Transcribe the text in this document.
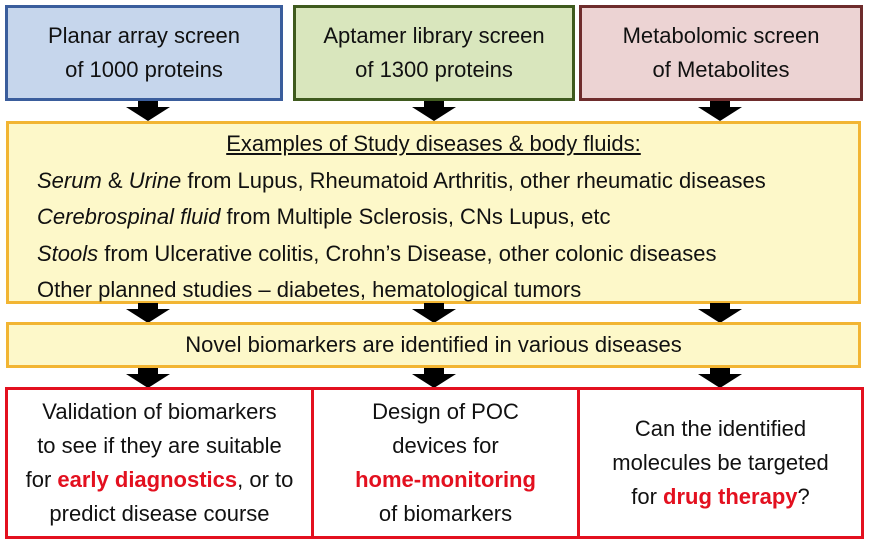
Planar array screen
of 1000 proteins
Aptamer library screen
of 1300 proteins
Metabolomic screen
of Metabolites
Examples of Study diseases & body fluids:
Serum & Urine from Lupus, Rheumatoid Arthritis, other rheumatic diseases
Cerebrospinal fluid from Multiple Sclerosis, CNs Lupus, etc
Stools from Ulcerative colitis, Crohn’s Disease, other colonic diseases
Other planned studies – diabetes, hematological tumors
Novel biomarkers are identified in various diseases
Validation of biomarkers
to see if they are suitable
for early diagnostics, or to
predict disease course
Design of POC
devices for
home-monitoring
of biomarkers
Can the identified
molecules be targeted
for drug therapy?
